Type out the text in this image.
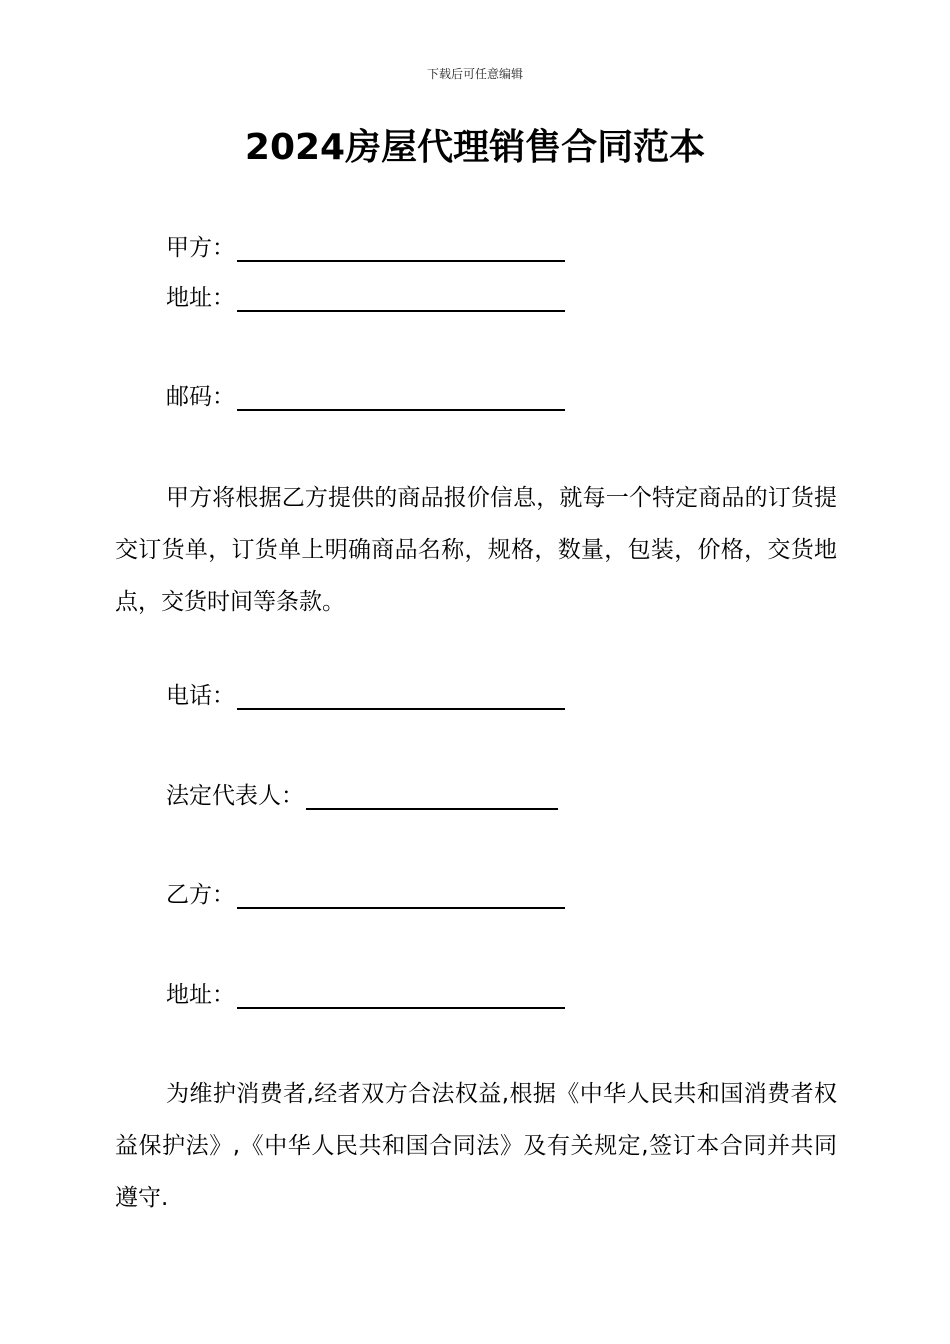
下载后可任意编辑
2024房屋代理销售合同范本
甲方：
地址：
邮码：

甲方将根据乙方提供的商品报价信息，就每一个特定商品的订货提交订货单，订货单上明确商品名称，规格，数量，包装，价格，交货地点，交货时间等条款。

电话：
法定代表人：
乙方：
地址：

为维护消费者,经者双方合法权益,根据《中华人民共和国消费者权益保护法》,《中华人民共和国合同法》及有关规定,签订本合同并共同遵守.
